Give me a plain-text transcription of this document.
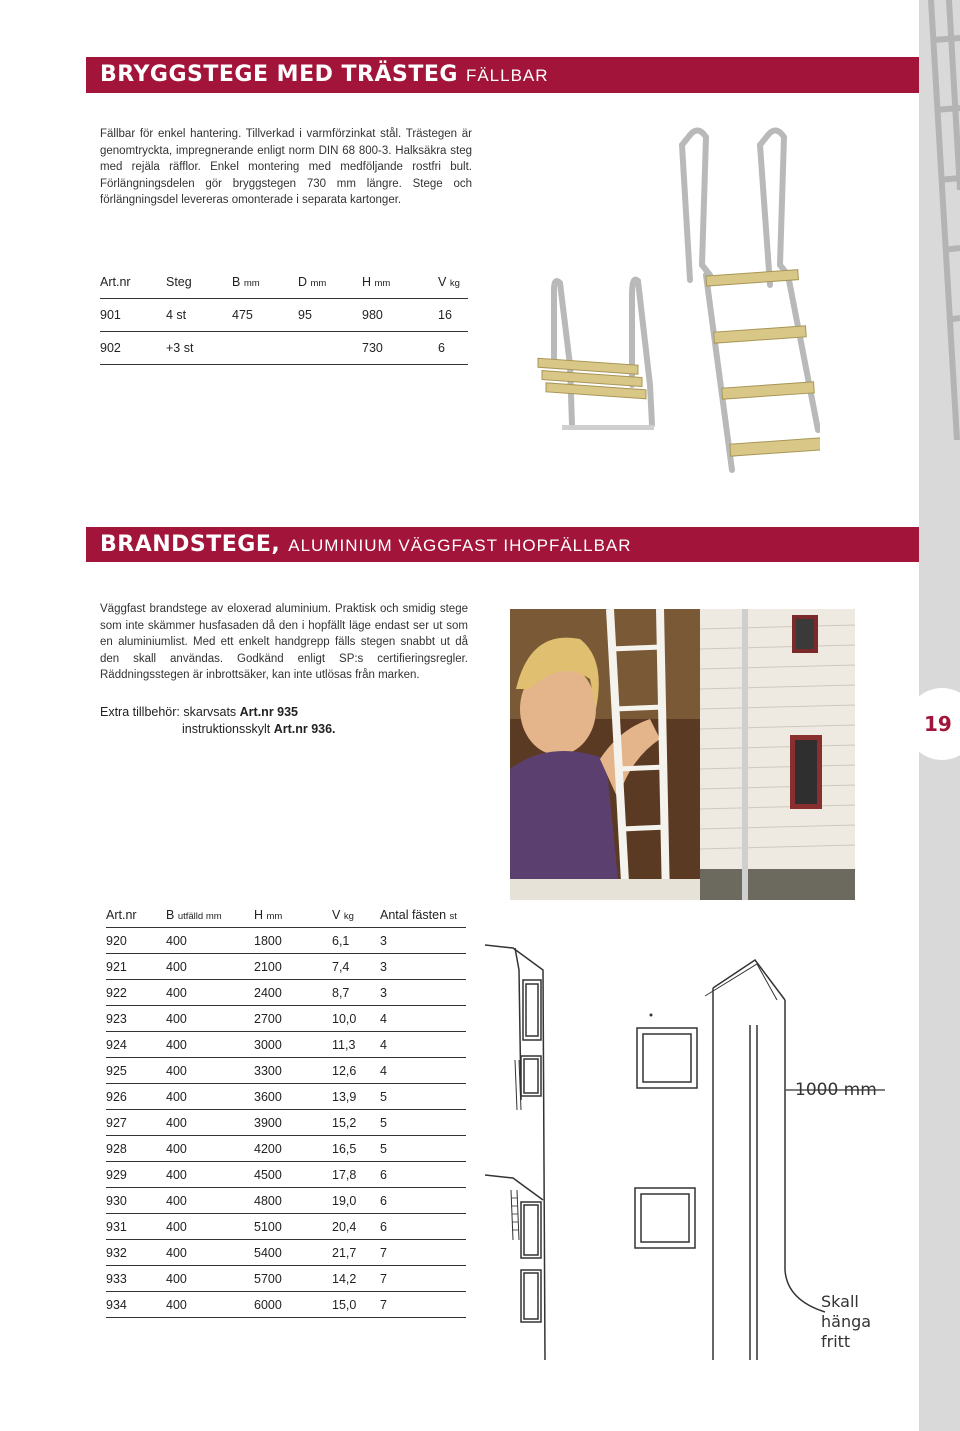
BRYGGSTEGE MED TRÄSTEG FÄLLBAR

Fällbar för enkel hantering. Tillverkad i varmförzinkat stål. Trästegen är genomtryckta, impregnerande enligt norm DIN 68 800-3. Halksäkra steg med rejäla räfflor. Enkel montering med medföljande rostfri bult. Förlängningsdelen gör bryggstegen 730 mm längre. Stege och förlängningsdel levereras omonterade i separata kartonger.

Art.nr	Steg	B mm	D mm	H mm	V kg
901	4 st	475	95	980	16
902	+3 st			730	6
BRANDSTEGE, ALUMINIUM VÄGGFAST IHOPFÄLLBAR

Väggfast brandstege av eloxerad aluminium. Praktisk och smidig stege som inte skämmer husfasaden då den i hopfällt läge endast ser ut som en aluminiumlist. Med ett enkelt handgrepp fälls stegen snabbt ut då den skall användas. Godkänd enligt SP:s certifieringsregler. Räddningsstegen är inbrottsäker, kan inte utlösas från marken.

Extra tillbehör: skarvsats Art.nr 935
instruktionsskylt Art.nr 936.	19
Art.nr	B utfälld mm	H mm	V kg	Antal fästen st
920	400	1800	6,1	3
921	400	2100	7,4	3
922	400	2400	8,7	3
923	400	2700	10,0	4
924	400	3000	11,3	4
925	400	3300	12,6	4
926	400	3600	13,9	5
927	400	3900	15,2	5
928	400	4200	16,5	5
929	400	4500	17,8	6
930	400	4800	19,0	6
931	400	5100	20,4	6
932	400	5400	21,7	7
933	400	5700	14,2	7
934	400	6000	15,0	7
1000 mm
Skall
hänga
fritt
